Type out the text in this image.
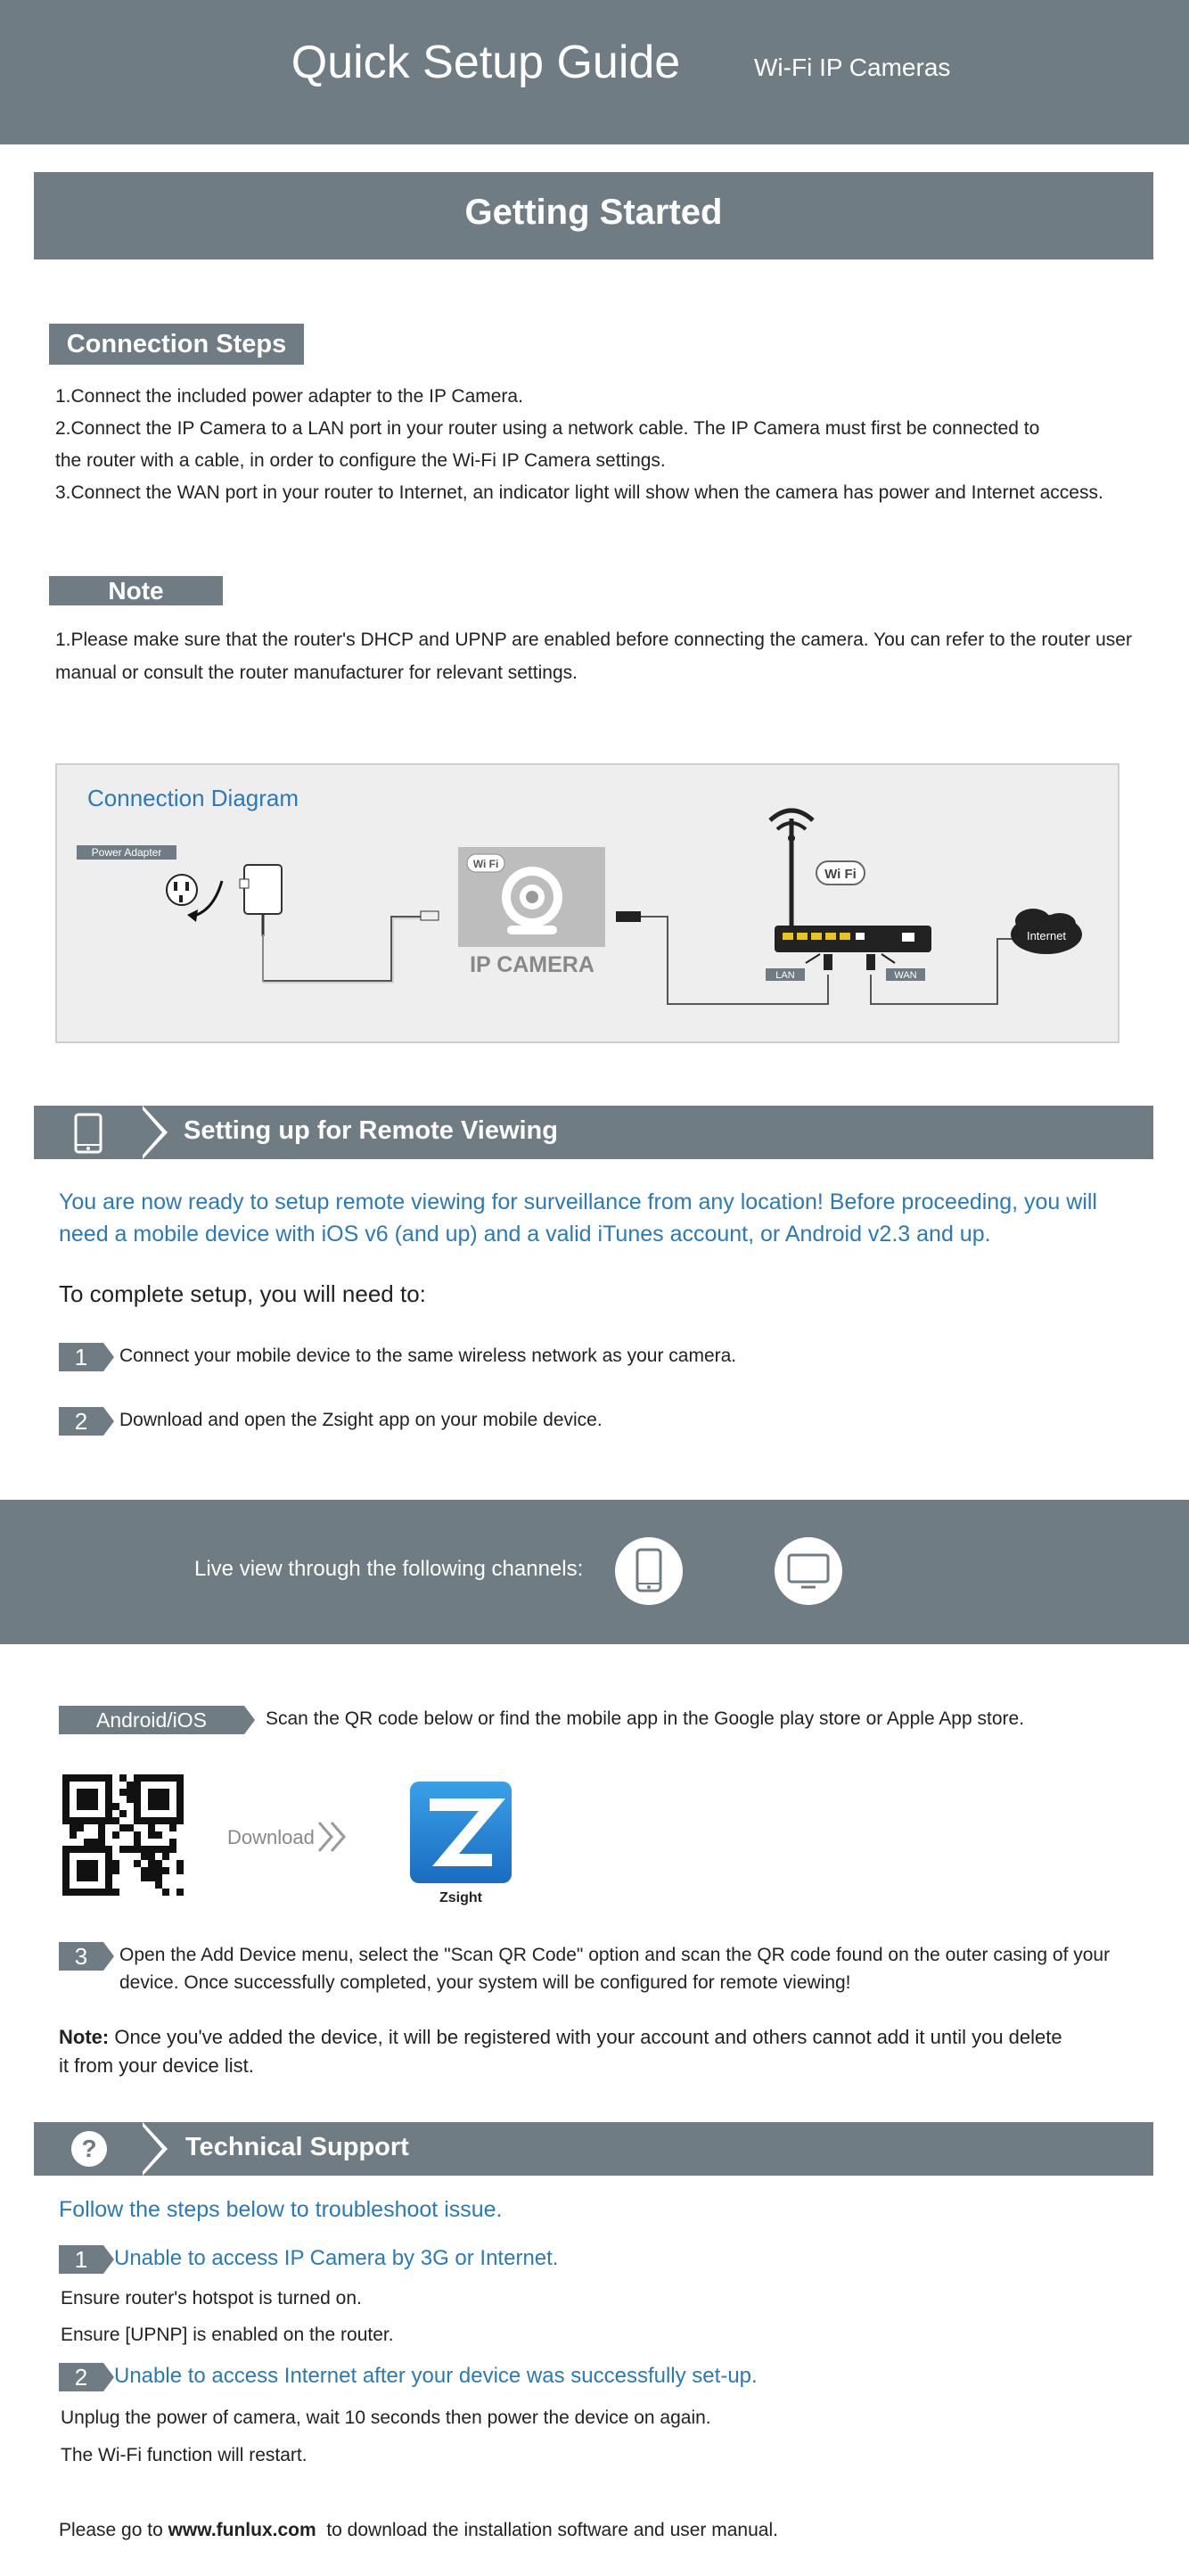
Quick Setup Guide	Wi-Fi IP Cameras
Getting Started
Connection Steps
1.Connect the included power adapter to the IP Camera.
2.Connect the IP Camera to a LAN port in your router using a network cable. The IP Camera must first be connected to
the router with a cable, in order to configure the Wi-Fi IP Camera settings.
3.Connect the WAN port in your router to Internet, an indicator light will show when the camera has power and Internet access.
Note
1.Please make sure that the router's DHCP and UPNP are enabled before connecting the camera. You can refer to the router user
manual or consult the router manufacturer for relevant settings.
Power Adapter
Wi Fi
IP CAMERA
Wi Fi
LAN	WAN
Internet
Connection Diagram
Setting up for Remote Viewing
You are now ready to setup remote viewing for surveillance from any location! Before proceeding, you will
need a mobile device with iOS v6 (and up) and a valid iTunes account, or Android v2.3 and up.
To complete setup, you will need to:
1	Connect your mobile device to the same wireless network as your camera.
2	Download and open the Zsight app on your mobile device.
Live view through the following channels:
Android/iOS	Scan the QR code below or find the mobile app in the Google play store or Apple App store.
Download
Zsight
3	Open the Add Device menu, select the "Scan QR Code" option and scan the QR code found on the outer casing of your
device. Once successfully completed, your system will be configured for remote viewing!
Note: Once you've added the device, it will be registered with your account and others cannot add it until you delete
it from your device list.
?	Technical Support
Follow the steps below to troubleshoot issue.
1	Unable to access IP Camera by 3G or Internet.
Ensure router's hotspot is turned on.
Ensure [UPNP] is enabled on the router.
2	Unable to access Internet after your device was successfully set-up.
Unplug the power of camera, wait 10 seconds then power the device on again.
The Wi-Fi function will restart.
Please go to www.funlux.com  to download the installation software and user manual.
